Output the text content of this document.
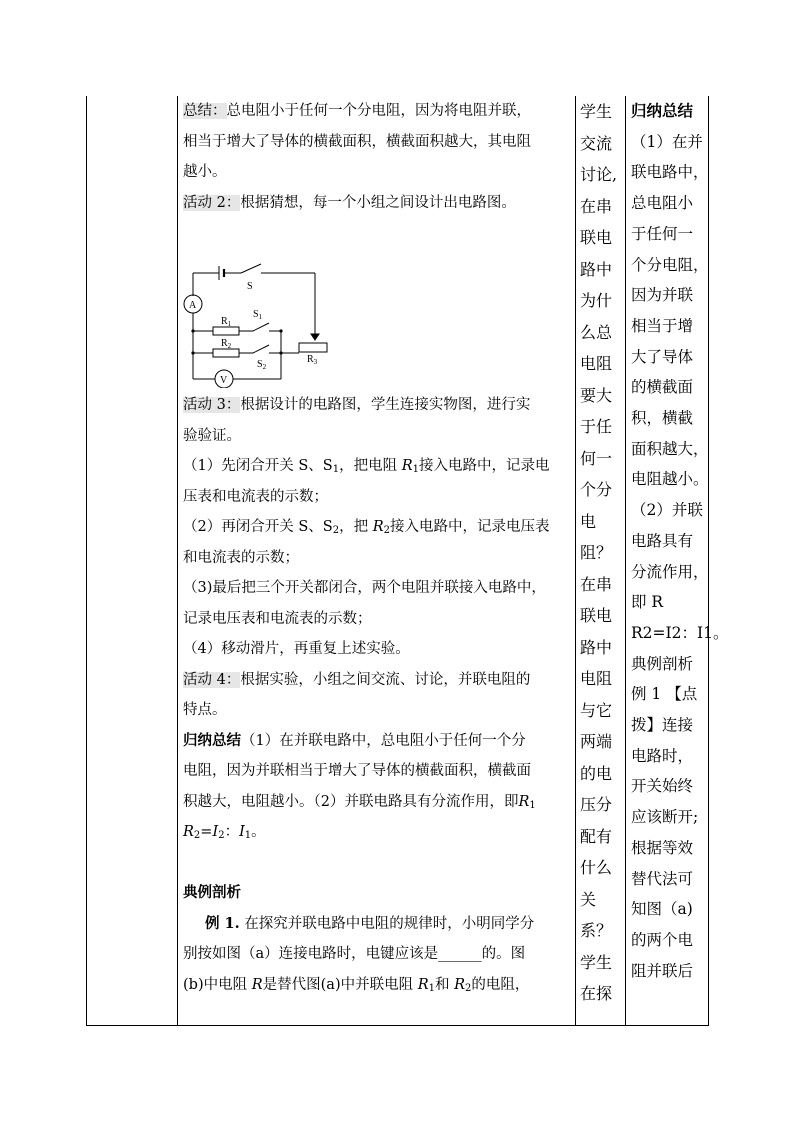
总结：总电阻小于任何一个分电阻，因为将电阻并联，

相当于增大了导体的横截面积，横截面积越大，其电阻

越小。

活动 2：根据猜想，每一个小组之间设计出电路图。

活动 3：根据设计的电路图，学生连接实物图，进行实

验验证。

（1）先闭合开关 S、$S_1$，把电阻 $R_1$接入电路中，记录电

压表和电流表的示数；

（2）再闭合开关 S、$S_2$，把 $R_2$接入电路中，记录电压表

和电流表的示数；

（3)最后把三个开关都闭合，两个电阻并联接入电路中，

记录电压表和电流表的示数；

（4）移动滑片，再重复上述实验。

活动 4：根据实验，小组之间交流、讨论，并联电阻的

特点。

归纳总结（1）在并联电路中，总电阻小于任何一个分

电阻，因为并联相当于增大了导体的横截面积，横截面

积越大，电阻越小。（2）并联电路具有分流作用，即$R_1$

$R_2=I_2$：$I_1$。

典例剖析

例 1. 在探究并联电路中电阻的规律时，小明同学分

别按如图（a）连接电路时，电键应该是______的。图

(b)中电阻 R是替代图(a)中并联电阻 $R_1$和 $R_2$的电阻，

A
V
S
$R_1$
$S_1$
$R_2$
$S_2$
$R_3$
学生
交流
讨论,
在串
联电
路中
为什
么总
电阻
要大
于任
何一
个分
电
阻？
在串
联电
路中
电阻
与它
两端
的电
压分
配有
什么
关
系？
学生
在探
归纳总结
（1）在并
联电路中，
总电阻小
于任何一
个分电阻，
因为并联
相当于增
大了导体
的横截面
积，横截
面积越大，
电阻越小。
（2）并联
电路具有
分流作用，
即 R
R2=I2：I1。
典例剖析
例 1 【点
拨】连接
电路时，
开关始终
应该断开;
根据等效
替代法可
知图（a)
的两个电
阻并联后
